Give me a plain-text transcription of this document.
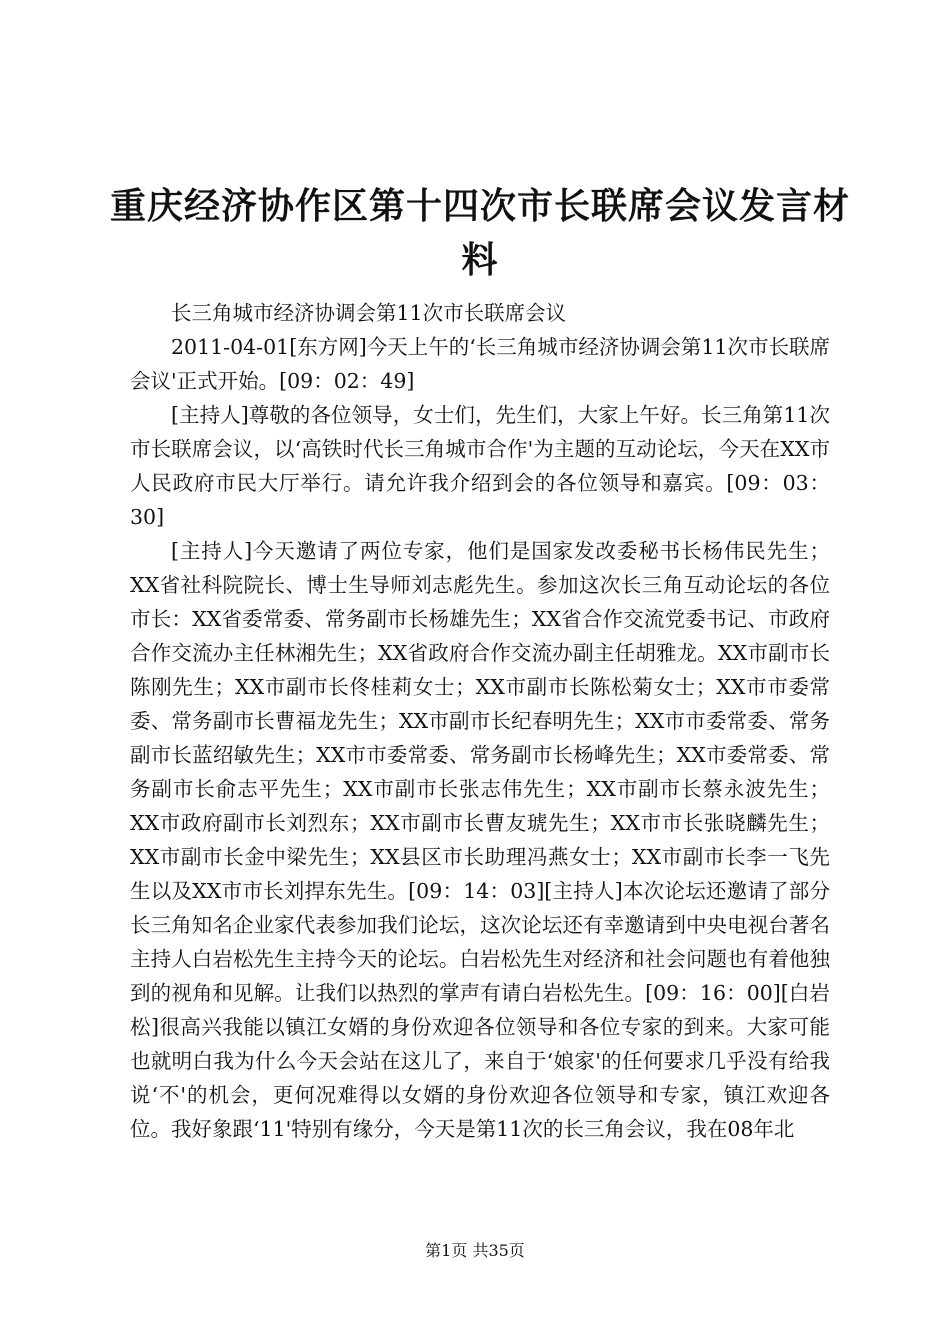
重庆经济协作区第十四次市长联席会议发言材料

长三角城市经济协调会第11次市长联席会议

2011-04-01[东方网]今天上午的‘长三角城市经济协调会第11次市长联席会议'正式开始。[09：02：49]

[主持人]尊敬的各位领导，女士们，先生们，大家上午好。长三角第11次市长联席会议，以‘高铁时代长三角城市合作'为主题的互动论坛，今天在XX市人民政府市民大厅举行。请允许我介绍到会的各位领导和嘉宾。[09：03：30]

[主持人]今天邀请了两位专家，他们是国家发改委秘书长杨伟民先生；XX省社科院院长、博士生导师刘志彪先生。参加这次长三角互动论坛的各位市长：XX省委常委、常务副市长杨雄先生；XX省合作交流党委书记、市政府合作交流办主任林湘先生；XX省政府合作交流办副主任胡雅龙。XX市副市长陈刚先生；XX市副市长佟桂莉女士；XX市副市长陈松菊女士；XX市市委常委、常务副市长曹福龙先生；XX市副市长纪春明先生；XX市市委常委、常务副市长蓝绍敏先生；XX市市委常委、常务副市长杨峰先生；XX市委常委、常务副市长俞志平先生；XX市副市长张志伟先生；XX市副市长蔡永波先生；XX市政府副市长刘烈东；XX市副市长曹友琥先生；XX市市长张晓麟先生；XX市副市长金中梁先生；XX县区市长助理冯燕女士；XX市副市长李一飞先生以及XX市市长刘捍东先生。[09：14：03][主持人]本次论坛还邀请了部分长三角知名企业家代表参加我们论坛，这次论坛还有幸邀请到中央电视台著名主持人白岩松先生主持今天的论坛。白岩松先生对经济和社会问题也有着他独到的视角和见解。让我们以热烈的掌声有请白岩松先生。[09：16：00][白岩松]很高兴我能以镇江女婿的身份欢迎各位领导和各位专家的到来。大家可能也就明白我为什么今天会站在这儿了，来自于‘娘家'的任何要求几乎没有给我说‘不'的机会，更何况难得以女婿的身份欢迎各位领导和专家，镇江欢迎各位。我好象跟‘11'特别有缘分，今天是第11次的长三角会议，我在08年北

第1页 共35页
